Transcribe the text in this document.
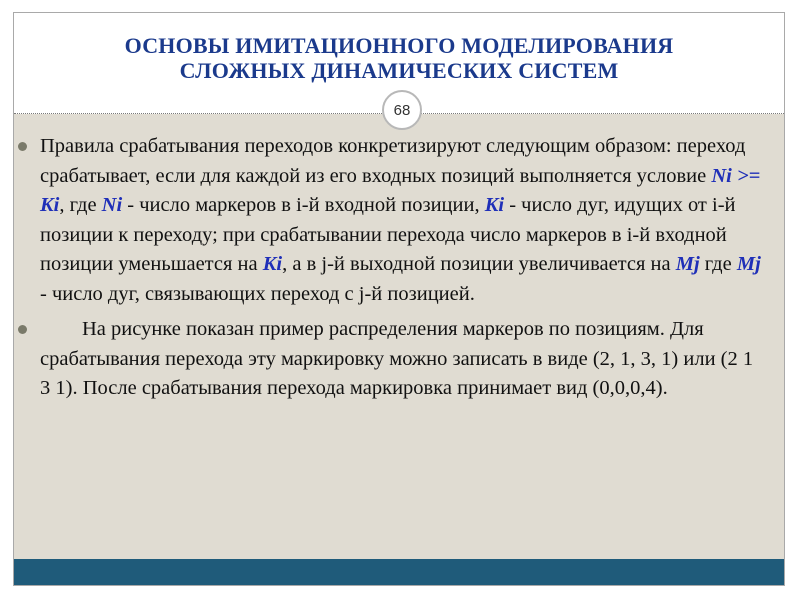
ОСНОВЫ ИМИТАЦИОННОГО МОДЕЛИРОВАНИЯ
СЛОЖНЫХ ДИНАМИЧЕСКИХ СИСТЕМ
68
Правила срабатывания переходов конкретизируют следующим образом: переход срабатывает, если для каждой из его входных позиций выполняется условие Ni >= Ki, где Ni - число маркеров в i-й входной позиции, Ki - число дуг, идущих от i-й позиции к переходу; при срабатывании перехода число маркеров в i-й входной позиции уменьшается на Ki, а в j-й выходной позиции увеличивается на Mj где Mj - число дуг, связывающих переход с j-й позицией.
На рисунке показан пример распределения маркеров по позициям. Для срабатывания перехода эту маркировку можно записать в виде (2, 1, 3, 1) или (2 1 3 1). После срабатывания перехода маркировка принимает вид (0,0,0,4).
